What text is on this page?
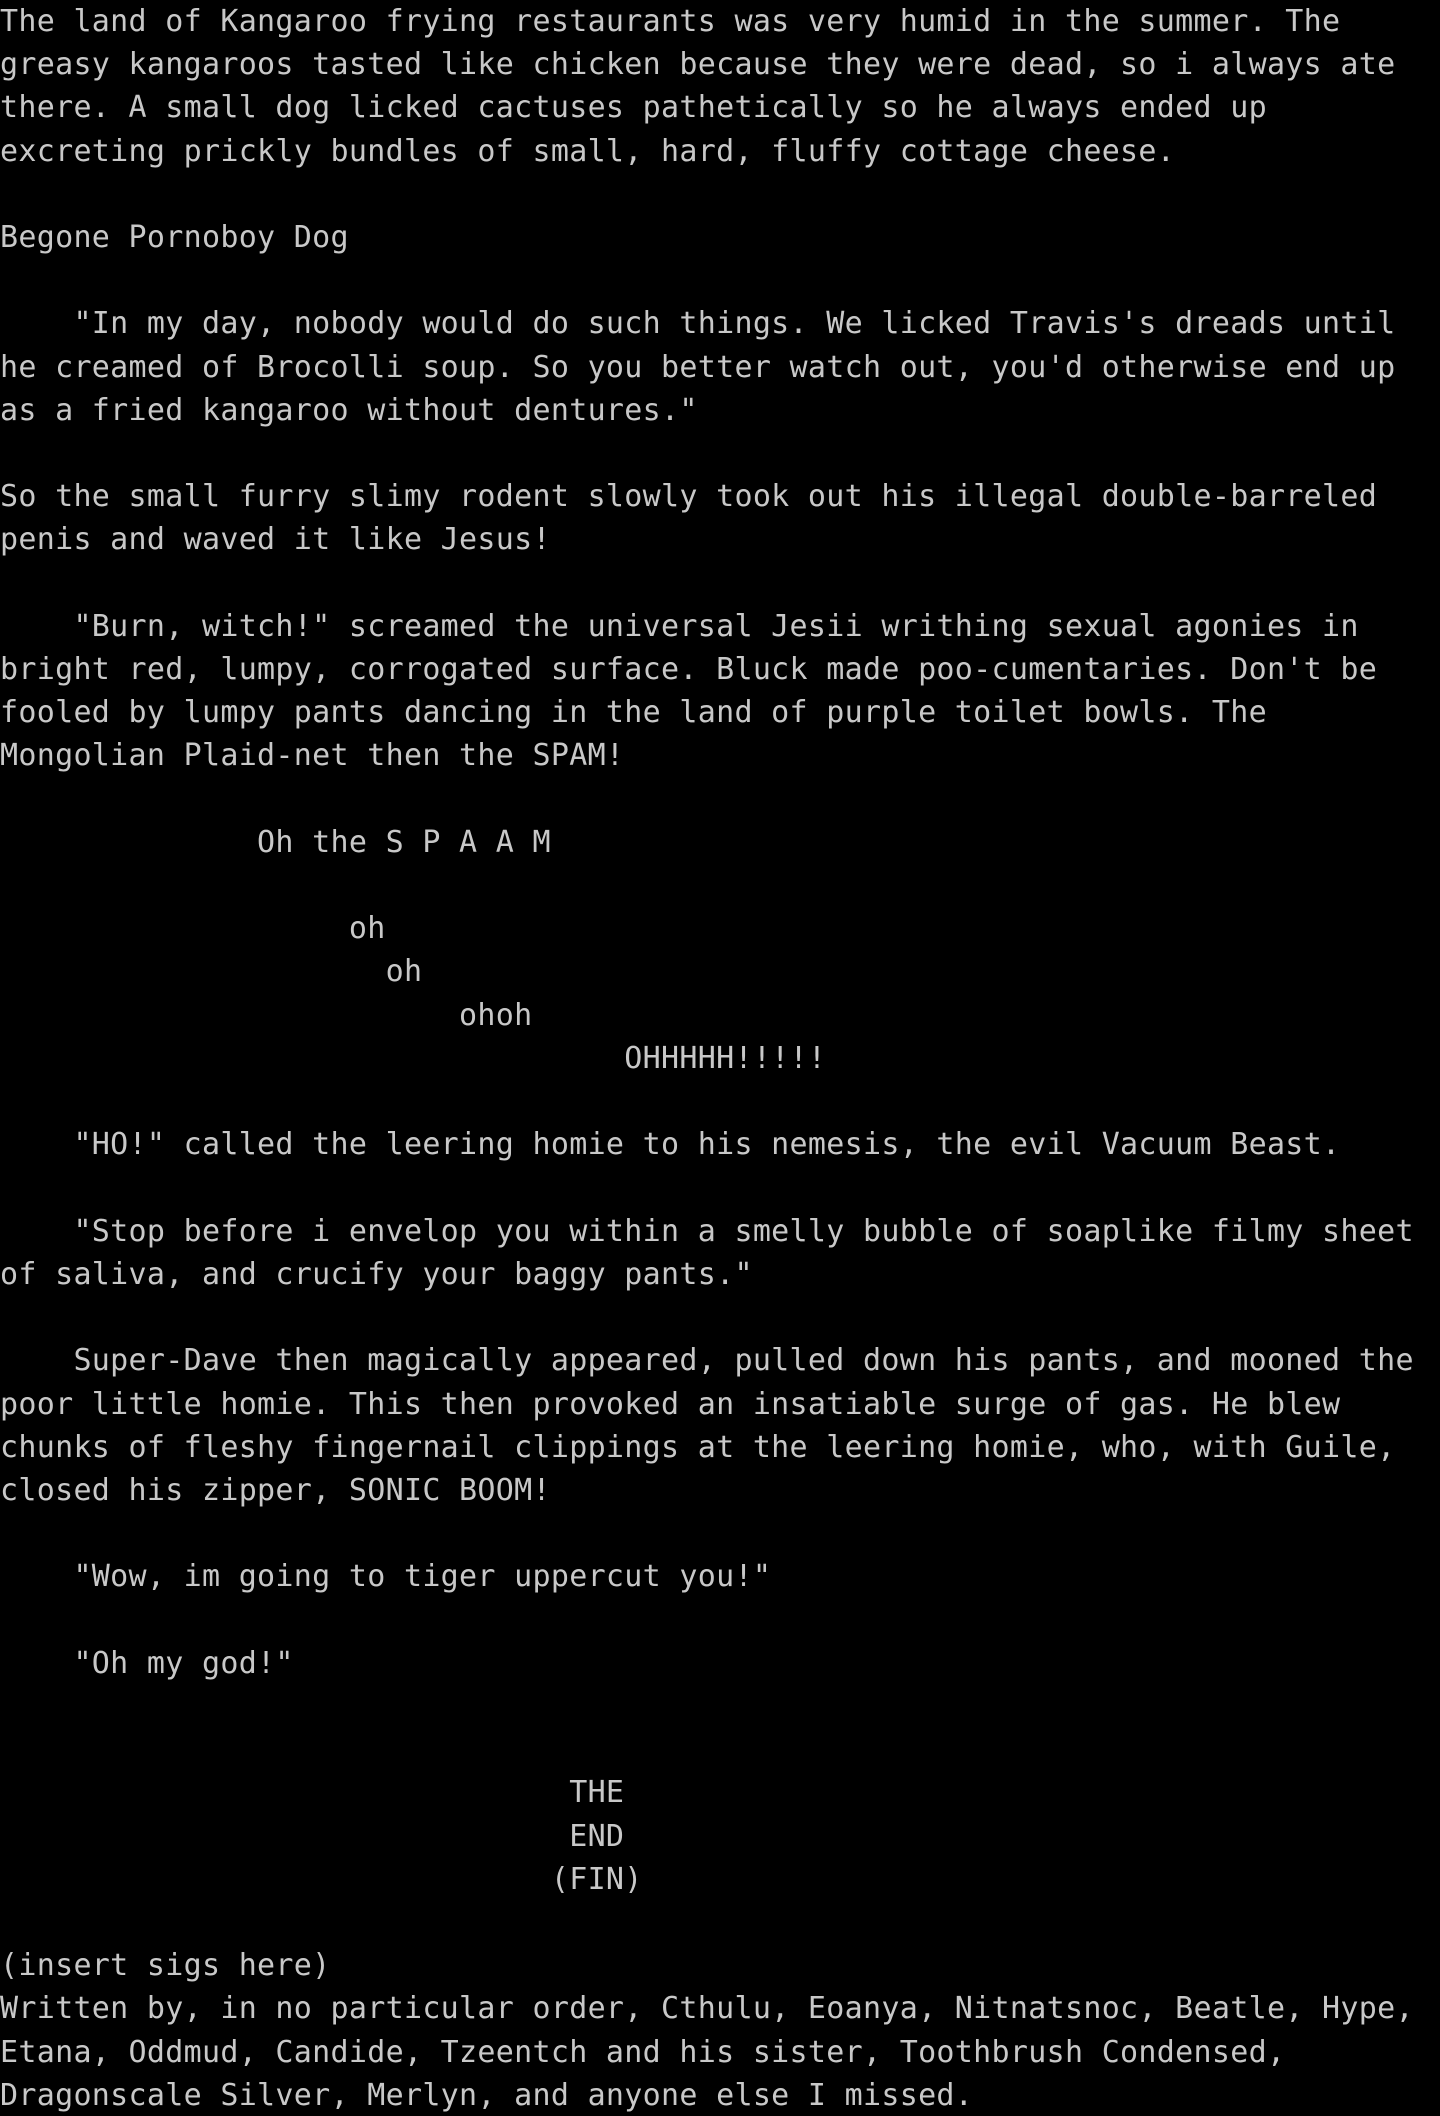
The land of Kangaroo frying restaurants was very humid in the summer. The
greasy kangaroos tasted like chicken because they were dead, so i always ate
there. A small dog licked cactuses pathetically so he always ended up
excreting prickly bundles of small, hard, fluffy cottage cheese.

Begone Pornoboy Dog

"In my day, nobody would do such things. We licked Travis's dreads until
he creamed of Brocolli soup. So you better watch out, you'd otherwise end up
as a fried kangaroo without dentures."

So the small furry slimy rodent slowly took out his illegal double-barreled
penis and waved it like Jesus!

"Burn, witch!" screamed the universal Jesii writhing sexual agonies in
bright red, lumpy, corrogated surface. Bluck made poo-cumentaries. Don't be
fooled by lumpy pants dancing in the land of purple toilet bowls. The
Mongolian Plaid-net then the SPAM!

Oh the S P A A M

oh
oh
ohoh
OHHHHH!!!!!

"HO!" called the leering homie to his nemesis, the evil Vacuum Beast.

"Stop before i envelop you within a smelly bubble of soaplike filmy sheet
of saliva, and crucify your baggy pants."

Super-Dave then magically appeared, pulled down his pants, and mooned the
poor little homie. This then provoked an insatiable surge of gas. He blew
chunks of fleshy fingernail clippings at the leering homie, who, with Guile,
closed his zipper, SONIC BOOM!

"Wow, im going to tiger uppercut you!"

"Oh my god!"

THE
END
(FIN)

(insert sigs here)
Written by, in no particular order, Cthulu, Eoanya, Nitnatsnoc, Beatle, Hype,
Etana, Oddmud, Candide, Tzeentch and his sister, Toothbrush Condensed,
Dragonscale Silver, Merlyn, and anyone else I missed.
